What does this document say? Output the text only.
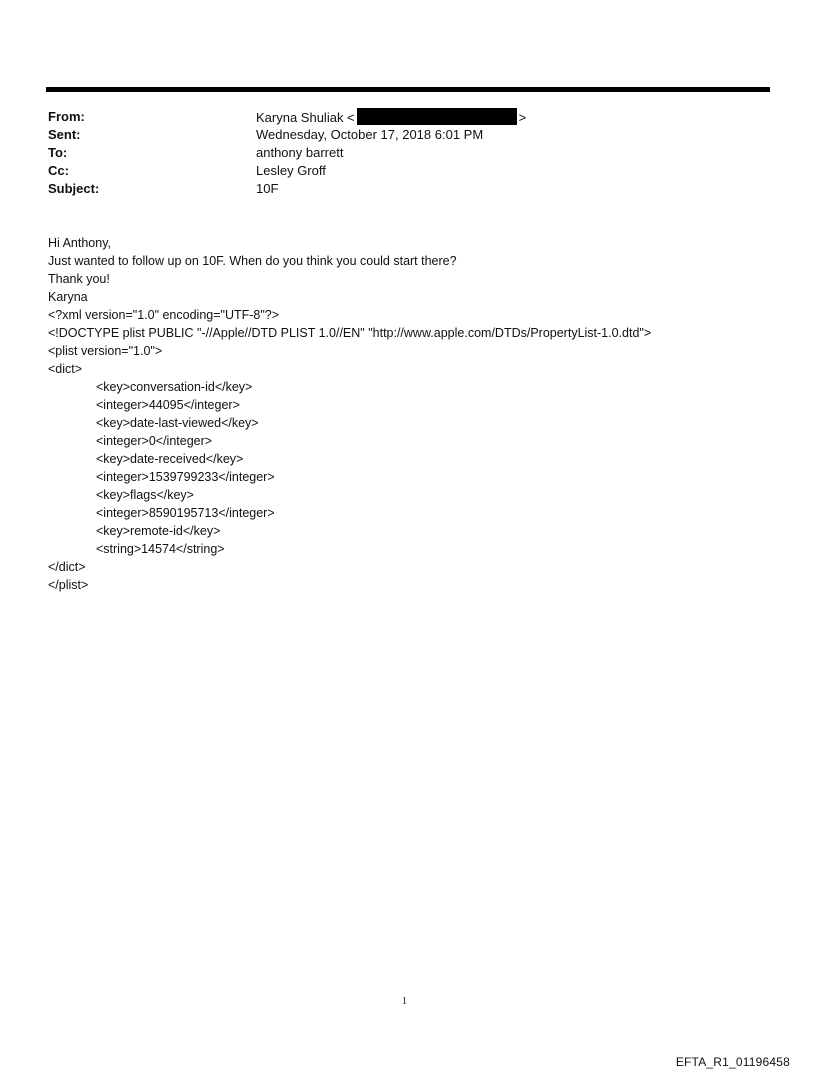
From:	Karyna Shuliak <	>
Sent:	Wednesday, October 17, 2018 6:01 PM
To:	anthony barrett
Cc:	Lesley Groff
Subject:	10F
Hi Anthony,
Just wanted to follow up on 10F. When do you think you could start there?
Thank you!
Karyna
<?xml version="1.0" encoding="UTF-8"?>
<!DOCTYPE plist PUBLIC "-//Apple//DTD PLIST 1.0//EN" "http://www.apple.com/DTDs/PropertyList-1.0.dtd">
<plist version="1.0">
<dict>
<key>conversation-id</key>
<integer>44095</integer>
<key>date-last-viewed</key>
<integer>0</integer>
<key>date-received</key>
<integer>1539799233</integer>
<key>flags</key>
<integer>8590195713</integer>
<key>remote-id</key>
<string>14574</string>
</dict>
</plist>
1
EFTA_R1_01196458
